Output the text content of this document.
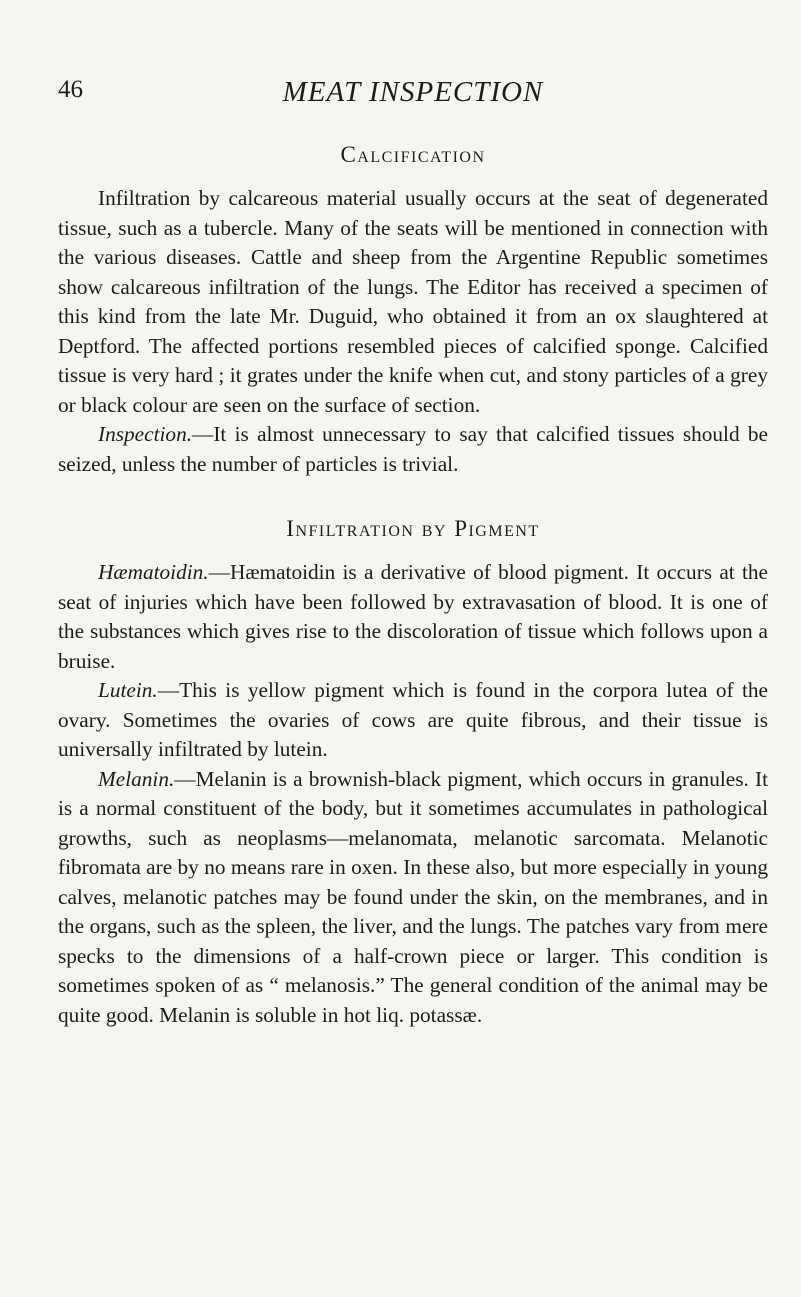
46	MEAT INSPECTION
Calcification

Infiltration by calcareous material usually occurs at the seat of degenerated tissue, such as a tubercle. Many of the seats will be mentioned in connection with the various diseases. Cattle and sheep from the Argentine Republic sometimes show calcareous infiltration of the lungs. The Editor has received a specimen of this kind from the late Mr. Duguid, who obtained it from an ox slaughtered at Deptford. The affected portions resembled pieces of calcified sponge. Calcified tissue is very hard ; it grates under the knife when cut, and stony particles of a grey or black colour are seen on the surface of section.

Inspection.—It is almost unnecessary to say that calcified tissues should be seized, unless the number of particles is trivial.

Infiltration by Pigment

Hæmatoidin.—Hæmatoidin is a derivative of blood pigment. It occurs at the seat of injuries which have been followed by extravasation of blood. It is one of the substances which gives rise to the discoloration of tissue which follows upon a bruise.

Lutein.—This is yellow pigment which is found in the corpora lutea of the ovary. Sometimes the ovaries of cows are quite fibrous, and their tissue is universally infiltrated by lutein.

Melanin.—Melanin is a brownish-black pigment, which occurs in granules. It is a normal constituent of the body, but it sometimes accumulates in pathological growths, such as neoplasms—melanomata, melanotic sarcomata. Melanotic fibromata are by no means rare in oxen. In these also, but more especially in young calves, melanotic patches may be found under the skin, on the membranes, and in the organs, such as the spleen, the liver, and the lungs. The patches vary from mere specks to the dimensions of a half-crown piece or larger. This condition is sometimes spoken of as “ melanosis.” The general condition of the animal may be quite good. Melanin is soluble in hot liq. potassæ.
